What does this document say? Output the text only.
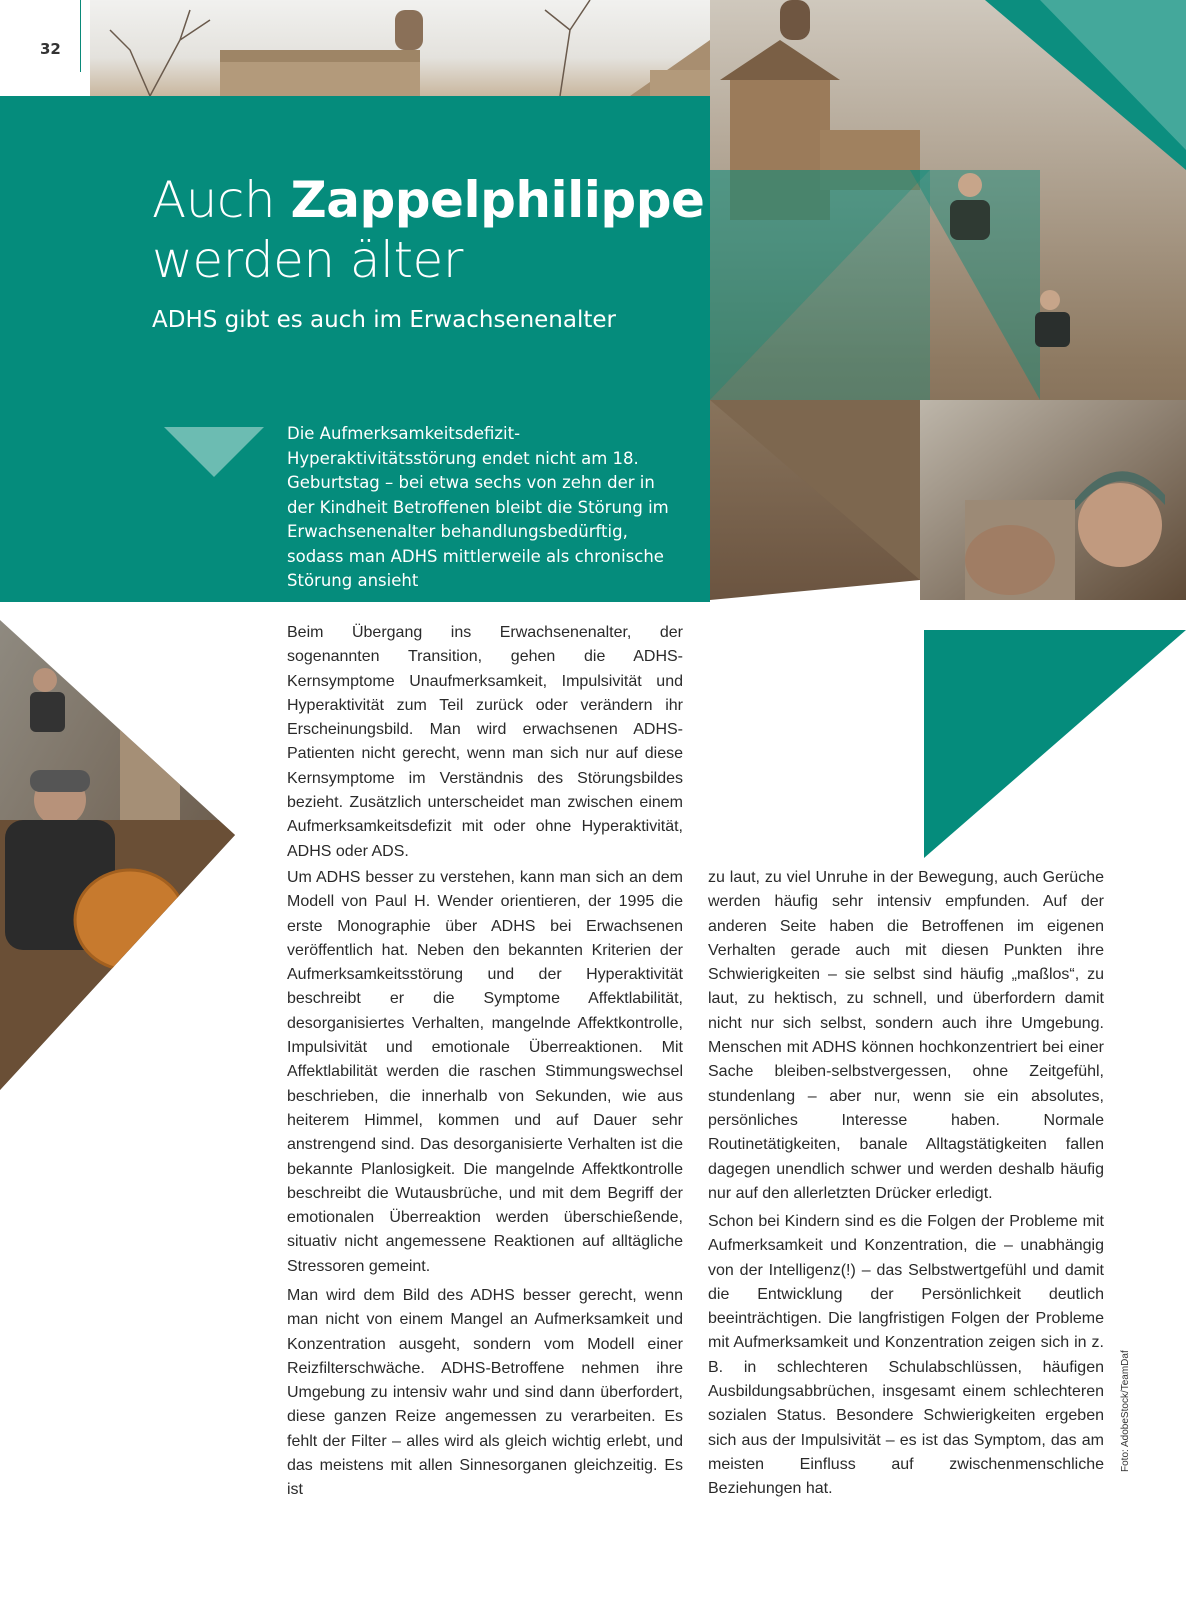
32
Auch Zappelphilippe
werden älter
ADHS gibt es auch im Erwachsenenalter

Die Aufmerksamkeitsdefizit-Hyperaktivitätsstörung endet nicht am 18. Geburtstag – bei etwa sechs von zehn der in der Kindheit Betroffenen bleibt die Störung im Erwachsenenalter behandlungsbedürftig, sodass man ADHS mittlerweile als chronische Störung ansieht

Beim Übergang ins Erwachsenenalter, der sogenannten Transition, gehen die ADHS-Kernsymptome Unaufmerksamkeit, Impulsivität und Hyperaktivität zum Teil zurück oder verändern ihr Erscheinungsbild. Man wird erwachsenen ADHS-Patienten nicht gerecht, wenn man sich nur auf diese Kernsymptome im Verständnis des Störungsbildes bezieht. Zusätzlich unterscheidet man zwischen einem Aufmerksamkeitsdefizit mit oder ohne Hyperaktivität, ADHS oder ADS.

Um ADHS besser zu verstehen, kann man sich an dem Modell von Paul H. Wender orientieren, der 1995 die erste Monographie über ADHS bei Erwachsenen veröffentlich hat. Neben den bekannten Kriterien der Aufmerksamkeitsstörung und der Hyperaktivität beschreibt er die Symptome Affektlabilität, desorganisiertes Verhalten, mangelnde Affektkontrolle, Impulsivität und emotionale Überreaktionen. Mit Affektlabilität werden die raschen Stimmungswechsel beschrieben, die innerhalb von Sekunden, wie aus heiterem Himmel, kommen und auf Dauer sehr anstrengend sind. Das desorganisierte Verhalten ist die bekannte Planlosigkeit. Die mangelnde Affektkontrolle beschreibt die Wutausbrüche, und mit dem Begriff der emotionalen Überreaktion werden überschießende, situativ nicht angemessene Reaktionen auf alltägliche Stressoren gemeint.

Man wird dem Bild des ADHS besser gerecht, wenn man nicht von einem Mangel an Aufmerksamkeit und Konzentration ausgeht, sondern vom Modell einer Reizfilterschwäche. ADHS-Betroffene nehmen ihre Umgebung zu intensiv wahr und sind dann überfordert, diese ganzen Reize angemessen zu verarbeiten. Es fehlt der Filter – alles wird als gleich wichtig erlebt, und das meistens mit allen Sinnesorganen gleichzeitig. Es ist

zu laut, zu viel Unruhe in der Bewegung, auch Gerüche werden häufig sehr intensiv empfunden. Auf der anderen Seite haben die Betroffenen im eigenen Verhalten gerade auch mit diesen Punkten ihre Schwierigkeiten – sie selbst sind häufig „maßlos“, zu laut, zu hektisch, zu schnell, und überfordern damit nicht nur sich selbst, sondern auch ihre Umgebung. Menschen mit ADHS können hochkonzentriert bei einer Sache bleiben-selbstvergessen, ohne Zeitgefühl, stundenlang – aber nur, wenn sie ein absolutes, persönliches Interesse haben. Normale Routinetätigkeiten, banale Alltagstätigkeiten fallen dagegen unendlich schwer und werden deshalb häufig nur auf den allerletzten Drücker erledigt.

Schon bei Kindern sind es die Folgen der Probleme mit Aufmerksamkeit und Konzentration, die – unabhängig von der Intelligenz(!) – das Selbstwertgefühl und damit die Entwicklung der Persönlichkeit deutlich beeinträchtigen. Die langfristigen Folgen der Probleme mit Aufmerksamkeit und Konzentration zeigen sich in z. B. in schlechteren Schulabschlüssen, häufigen Ausbildungsabbrüchen, insgesamt einem schlechteren sozialen Status. Besondere Schwierigkeiten ergeben sich aus der Impulsivität – es ist das Symptom, das am meisten Einfluss auf zwischenmenschliche Beziehungen hat.

Foto: AdobeStock/TeamDaf
